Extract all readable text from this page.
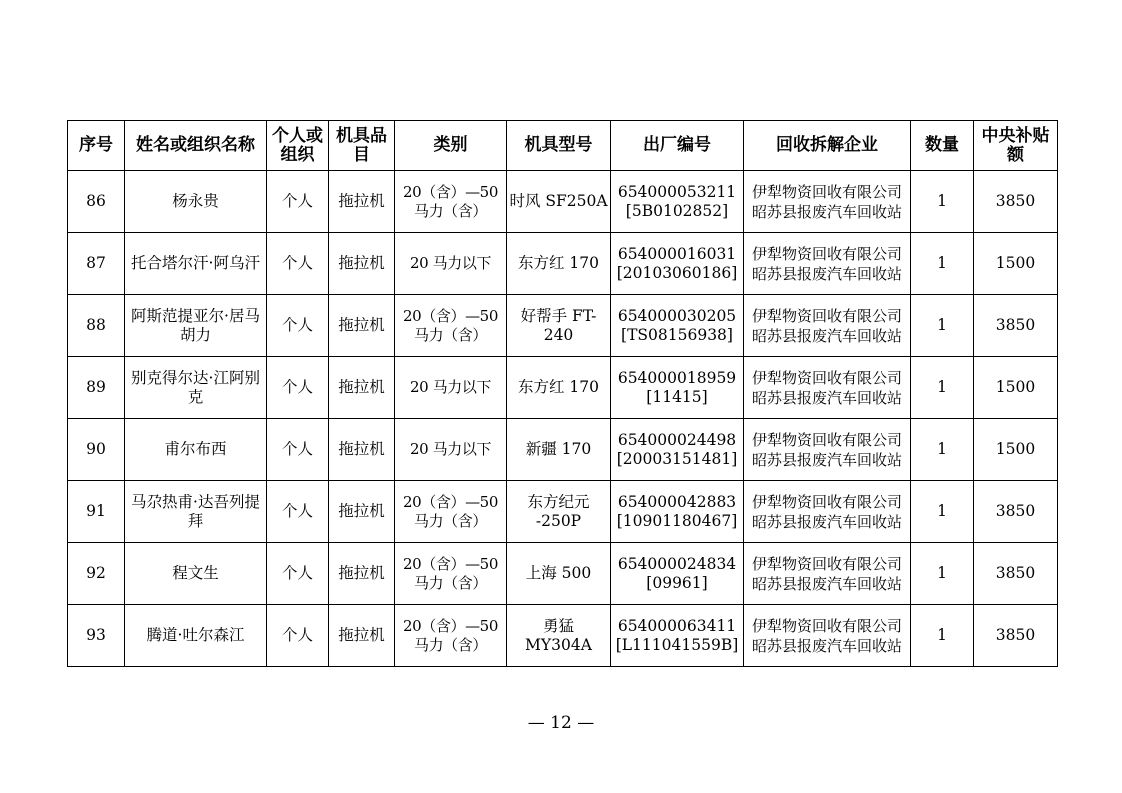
序号	姓名或组织名称	个人或组织	机具品目	类别	机具型号	出厂编号	回收拆解企业	数量	中央补贴额
86	杨永贵	个人	拖拉机	20（含）—50马力（含）	时风 SF250A	654000053211 [5B0102852]	伊犁物资回收有限公司昭苏县报废汽车回收站	1	3850
87	托合塔尔汗·阿乌汗	个人	拖拉机	20 马力以下	东方红 170	654000016031 [20103060186]	伊犁物资回收有限公司昭苏县报废汽车回收站	1	1500
88	阿斯范提亚尔·居马胡力	个人	拖拉机	20（含）—50马力（含）	好帮手 FT-240	654000030205 [TS08156938]	伊犁物资回收有限公司昭苏县报废汽车回收站	1	3850
89	别克得尔达·江阿别克	个人	拖拉机	20 马力以下	东方红 170	654000018959 [11415]	伊犁物资回收有限公司昭苏县报废汽车回收站	1	1500
90	甫尔布西	个人	拖拉机	20 马力以下	新疆 170	654000024498 [20003151481]	伊犁物资回收有限公司昭苏县报废汽车回收站	1	1500
91	马尕热甫·达吾列提拜	个人	拖拉机	20（含）—50马力（含）	东方纪元 -250P	654000042883 [10901180467]	伊犁物资回收有限公司昭苏县报废汽车回收站	1	3850
92	程文生	个人	拖拉机	20（含）—50马力（含）	上海 500	654000024834 [09961]	伊犁物资回收有限公司昭苏县报废汽车回收站	1	3850
93	腾道·吐尔森江	个人	拖拉机	20（含）—50马力（含）	勇猛 MY304A	654000063411 [L111041559B]	伊犁物资回收有限公司昭苏县报废汽车回收站	1	3850
— 12 —
